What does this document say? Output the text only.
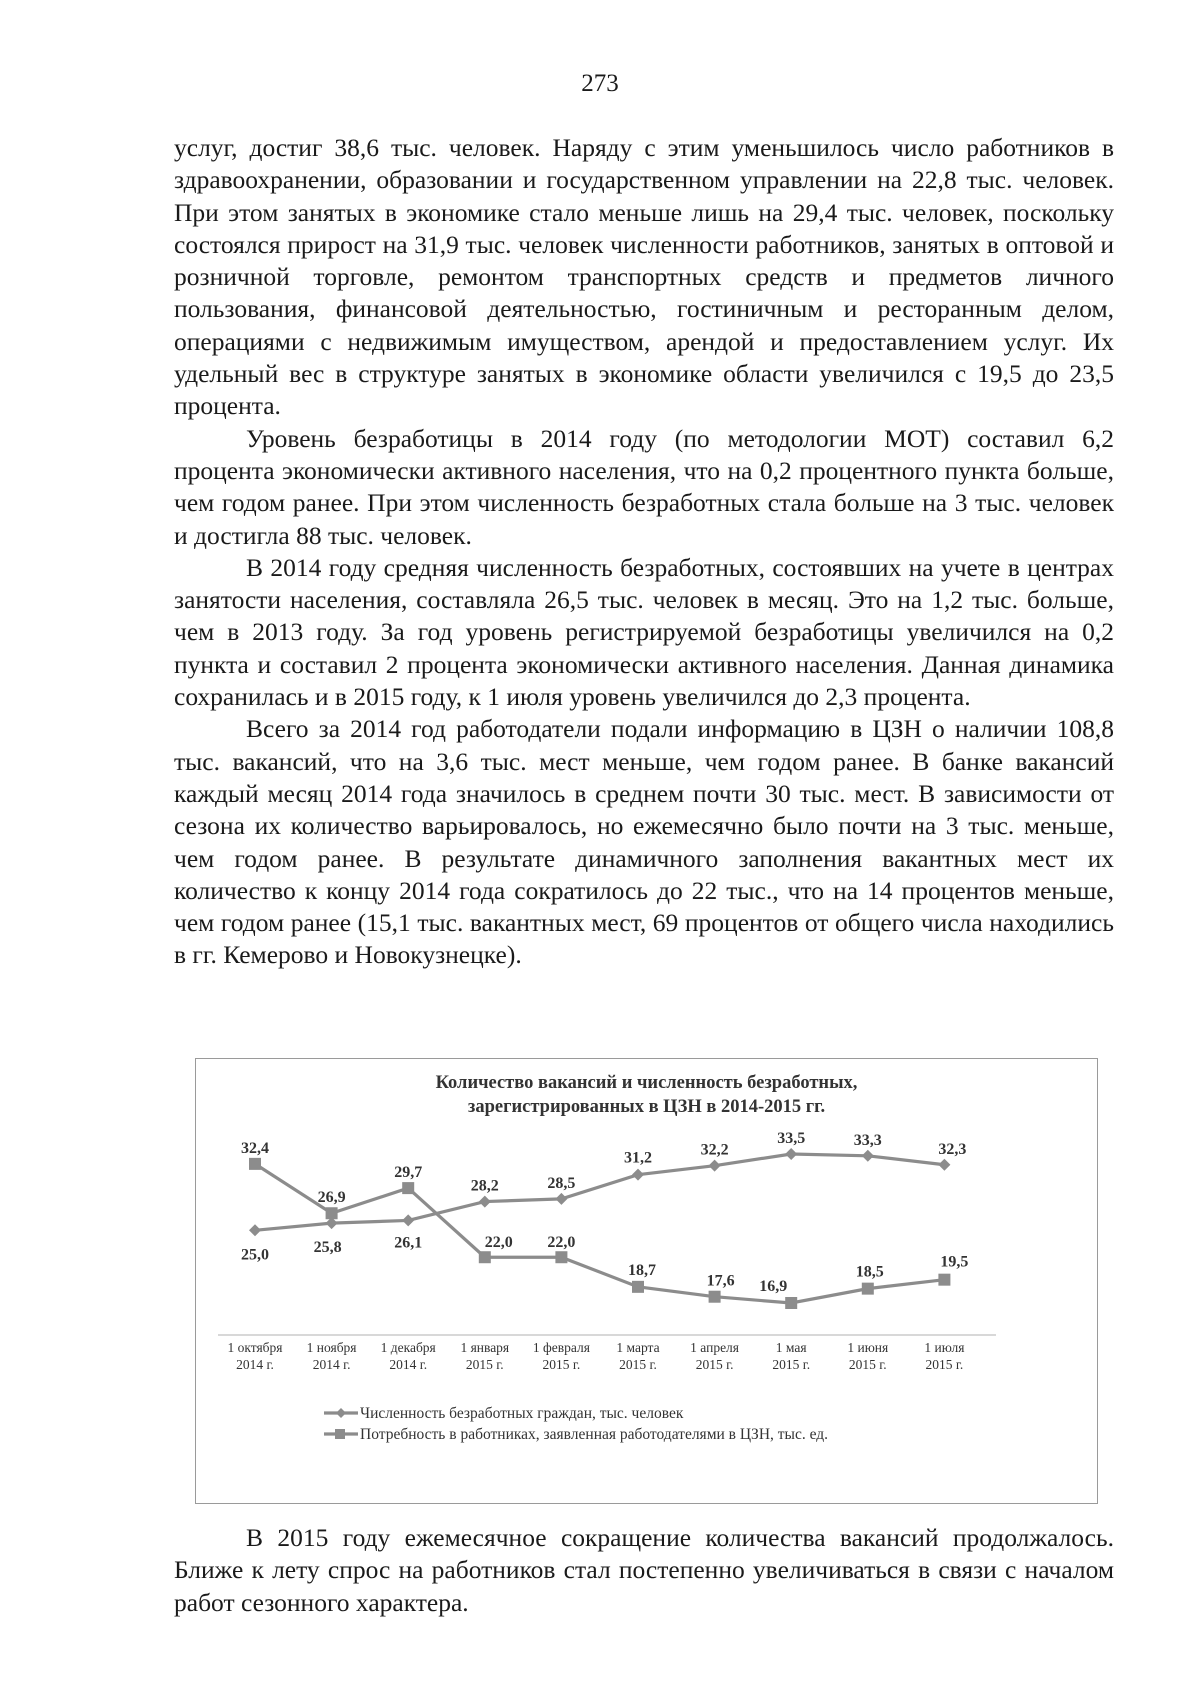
273

услуг, достиг 38,6 тыс. человек. Наряду с этим уменьшилось число работников в здравоохранении, образовании и государственном управлении на 22,8 тыс. человек. При этом занятых в экономике стало меньше лишь на 29,4 тыс. человек, поскольку состоялся прирост на 31,9 тыс. человек численности работников, занятых в оптовой и розничной торговле, ремонтом транспортных средств и предметов личного пользования, финансовой деятельностью, гостиничным и ресторанным делом, операциями с недвижимым имуществом, арендой и предоставлением услуг. Их удельный вес в структуре занятых в экономике области увеличился с 19,5 до 23,5 процента.

Уровень безработицы в 2014 году (по методологии МОТ) составил 6,2 процента экономически активного населения, что на 0,2 процентного пункта больше, чем годом ранее. При этом численность безработных стала больше на 3 тыс. человек и достигла 88 тыс. человек.

В 2014 году средняя численность безработных, состоявших на учете в центрах занятости населения, составляла 26,5 тыс. человек в месяц. Это на 1,2 тыс. больше, чем в 2013 году. За год уровень регистрируемой безработицы увеличился на 0,2 пункта и составил 2 процента экономически активного населения. Данная динамика сохранилась и в 2015 году, к 1 июля уровень увеличился до 2,3 процента.

Всего за 2014 год работодатели подали информацию в ЦЗН о наличии 108,8 тыс. вакансий, что на 3,6 тыс. мест меньше, чем годом ранее. В банке вакансий каждый месяц 2014 года значилось в среднем почти 30 тыс. мест. В зависимости от сезона их количество варьировалось, но ежемесячно было почти на 3 тыс. меньше, чем годом ранее. В результате динамичного заполнения вакантных мест их количество к концу 2014 года сократилось до 22 тыс., что на 14 процентов меньше, чем годом ранее (15,1 тыс. вакантных мест, 69 процентов от общего числа находились в гг. Кемерово и Новокузнецке).

Количество вакансий и численность безработных,
зарегистрированных в ЦЗН в 2014-2015 гг.
1 октября
2014 г.
1 ноября
2014 г.
1 декабря
2014 г.
1 января
2015 г.
1 февраля
2015 г.
1 марта
2015 г.
1 апреля
2015 г.
1 мая
2015 г.
1 июня
2015 г.
1 июля
2015 г.
25,0	25,8	26,1
28,2	28,5
31,2	32,2
33,5	33,3
32,3
32,4
26,9
29,7
22,0 22,0
18,7
17,6 16,9
18,5
19,5
Численность безработных граждан, тыс. человек
Потребность в работниках, заявленная работодателями в ЦЗН, тыс. ед.

В 2015 году ежемесячное сокращение количества вакансий продолжалось. Ближе к лету спрос на работников стал постепенно увеличиваться в связи с началом работ сезонного характера.
